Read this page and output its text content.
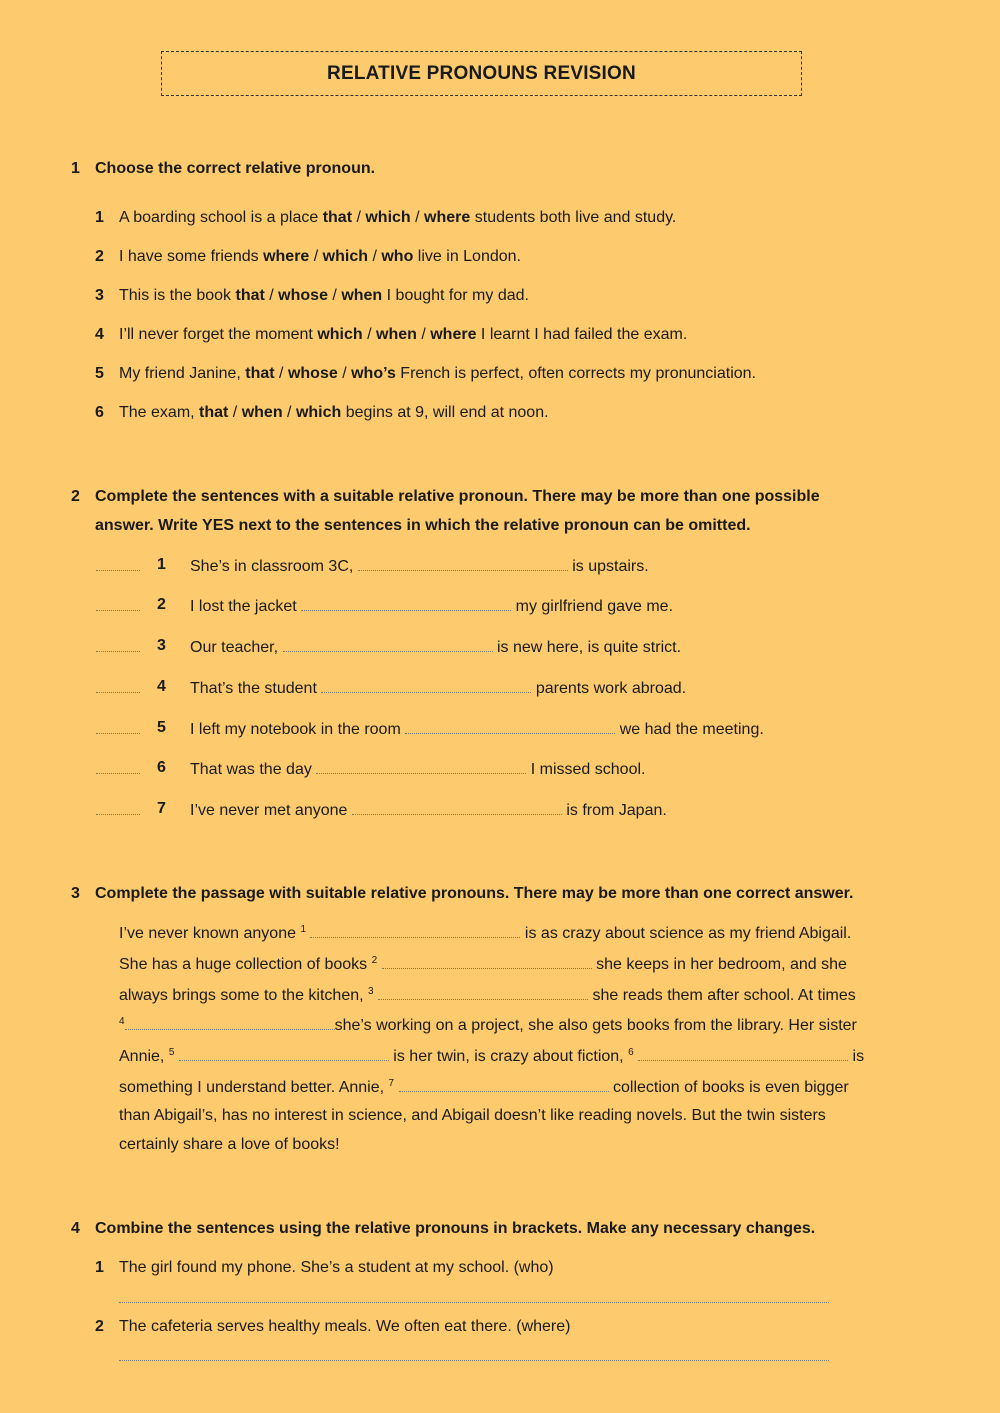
RELATIVE PRONOUNS REVISION
1 Choose the correct relative pronoun.
1 A boarding school is a place that / which / where students both live and study.
2 I have some friends where / which / who live in London.
3 This is the book that / whose / when I bought for my dad.
4 I’ll never forget the moment which / when / where I learnt I had failed the exam.
5 My friend Janine, that / whose / who’s French is perfect, often corrects my pronunciation.
6 The exam, that / when / which begins at 9, will end at noon.
2 Complete the sentences with a suitable relative pronoun. There may be more than one possible
answer. Write YES next to the sentences in which the relative pronoun can be omitted.
1 She’s in classroom 3C,	is upstairs.
2 I lost the jacket	my girlfriend gave me.
3 Our teacher,	is new here, is quite strict.
4 That’s the student	parents work abroad.
5 I left my notebook in the room	we had the meeting.
6 That was the day	I missed school.
7 I’ve never met anyone	is from Japan.
3 Complete the passage with suitable relative pronouns. There may be more than one correct answer.
I’ve never known anyone $^1$	is as crazy about science as my friend Abigail.
She has a huge collection of books $^2$	she keeps in her bedroom, and she
always brings some to the kitchen, $^3$	she reads them after school. At times
$^4$	she’s working on a project, she also gets books from the library. Her sister
Annie, $^5$	is her twin, is crazy about fiction, $^6$	is
something I understand better. Annie, $^7$	collection of books is even bigger
than Abigail’s, has no interest in science, and Abigail doesn’t like reading novels. But the twin sisters
certainly share a love of books!
4 Combine the sentences using the relative pronouns in brackets. Make any necessary changes.
1 The girl found my phone. She’s a student at my school. (who)
2 The cafeteria serves healthy meals. We often eat there. (where)
